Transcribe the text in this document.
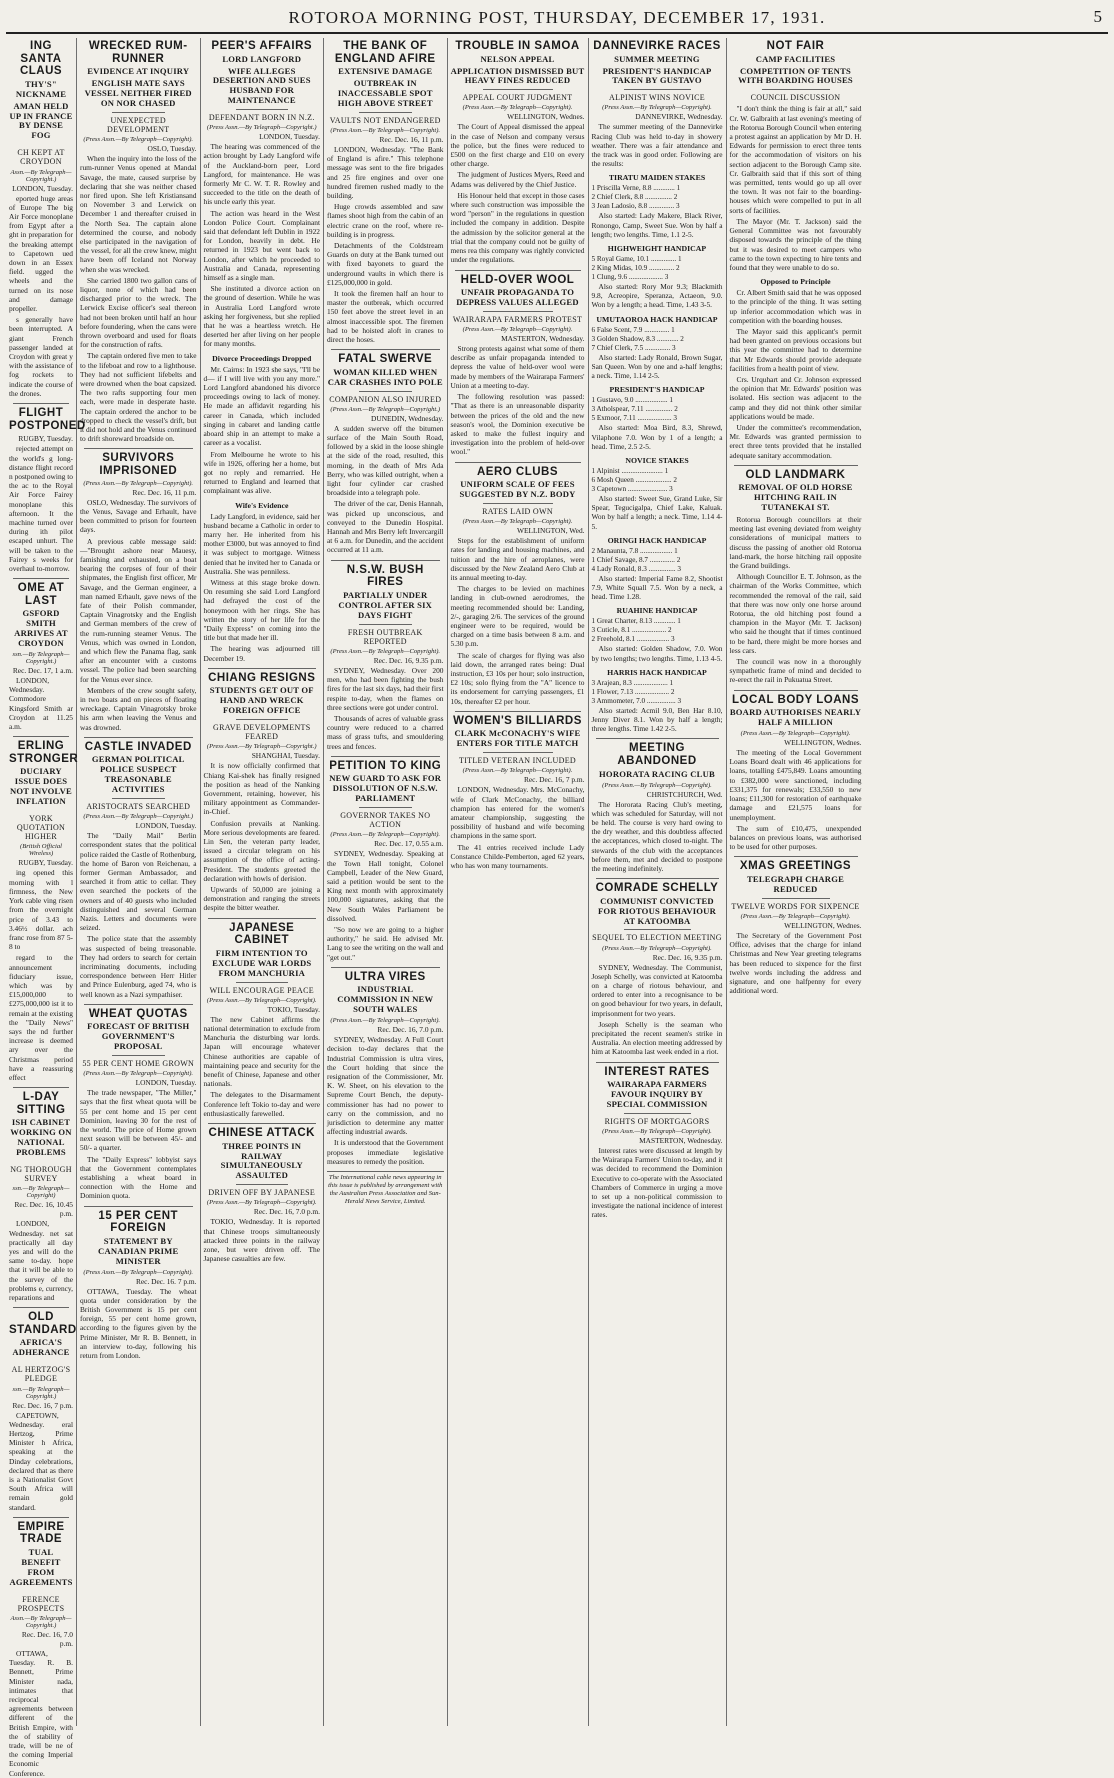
ROTOROA MORNING POST, THURSDAY, DECEMBER 17, 1931.	5
ING SANTA CLAUS
THY'S" NICKNAME
AMAN HELD UP IN FRANCE BY DENSE FOG
CH KEPT AT CROYDON
Assn.—By Telegraph—Copyright.)
LONDON, Tuesday.

eported huge areas of Europe The big Air Force monoplane from Egypt after a ght in preparation for the breaking attempt to Capetown ued down in an Essex field. ugged the wheels and the turned on its nose and damage propeller.

s generally have been interrupted. A giant French passenger landed at Croydon with great y with the assistance of fog rockets to indicate the course of the drones.

FLIGHT POSTPONED
RUGBY, Tuesday.

rejected attempt on the world's g long-distance flight record n postponed owing to the ac to the Royal Air Force Fairey monoplane this afternoon. It the machine turned over during ith pilot escaped unhurt. The will be taken to the Fairey s weeks for overhaul to-morrow.

OME AT LAST
GSFORD SMITH ARRIVES AT CROYDON
ssn.—By Telegraph—Copyright.)
Rec. Dec. 17, 1 a.m.

LONDON, Wednesday. Commodore Kingsford Smith ar Croydon at 11.25 a.m.

ERLING STRONGER
DUCIARY ISSUE DOES NOT INVOLVE INFLATION
YORK QUOTATION HIGHER
(British Official Wireless)
RUGBY, Tuesday.

ing opened this morning with l firmness, the New York cable ving risen from the overnight price of 3.43 to 3.46½ dollar. ach franc rose from 87 5-8 to

regard to the announcement fiduciary issue, which was by £15,000,000 to £275,000,000 ist it to remain at the existing the "Daily News" says the nd further increase is deemed ary over the Christmas period have a reassuring effect

L-DAY SITTING
ISH CABINET WORKING ON NATIONAL PROBLEMS
NG THOROUGH SURVEY
ssn.—By Telegraph—Copyright)
Rec. Dec. 16, 10.45 p.m.

LONDON, Wednesday. net sat practically all day yes and will do the same to-day. hope that it will be able to the survey of the problems e, currency, reparations and

OLD STANDARD
AFRICA'S ADHERANCE
AL HERTZOG'S PLEDGE
ssn.—By Telegraph—Copyright.)
Rec. Dec. 16, 7 p.m.

CAPETOWN, Wednesday. eral Hertzog, Prime Minister h Africa, speaking at the Dinday celebrations, declared that as there is a Nationalist Govt South Africa will remain gold standard.

EMPIRE TRADE
TUAL BENEFIT FROM AGREEMENTS
FERENCE PROSPECTS
Assn.—By Telegraph—Copyright.)
Rec. Dec. 16, 7.0 p.m.

OTTAWA, Tuesday. R. B. Bennett, Prime Minister nada, intimates that reciprocal agreements between different of the British Empire, with the of stability of trade, will be ne of the coming Imperial Economic Conference.

WRECKED RUM-RUNNER
EVIDENCE AT INQUIRY
ENGLISH MATE SAYS VESSEL NEITHER FIRED ON NOR CHASED
UNEXPECTED DEVELOPMENT
(Press Assn.—By Telegraph—Copyright).
OSLO, Tuesday.

When the inquiry into the loss of the rum-runner Venus opened at Mandal Savage, the mate, caused surprise by declaring that she was neither chased nor fired upon. She left Kristiansand on November 3 and Lerwick on December 1 and thereafter cruised in the North Sea. The captain alone determined the course, and nobody else participated in the navigation of the vessel, for all the crew knew, might have been off Iceland not Norway when she was wrecked.

She carried 1800 two gallon cans of liquor, none of which had been discharged prior to the wreck. The Lerwick Excise officer's seal thereon had not been broken until half an hour before foundering, when the cans were thrown overboard and used for floats for the construction of rafts.

The captain ordered five men to take to the lifeboat and row to a lighthouse. They had not sufficient lifebelts and were drowned when the boat capsized. The two rafts supporting four men each, were made in desperate haste. The captain ordered the anchor to be dropped to check the vessel's drift, but it did not hold and the Venus continued to drift shoreward broadside on.

SURVIVORS IMPRISONED
(Press Assn.—By Telegraph—Copyright).
Rec. Dec. 16, 11 p.m.

OSLO, Wednesday. The survivors of the Venus, Savage and Erhault, have been committed to prison for fourteen days.

A previous cable message said:—"Brought ashore near Mauesy, famishing and exhausted, on a boat bearing the corpses of four of their shipmates, the English first officer, Mr Savage, and the German engineer, a man named Erhault, gave news of the fate of their Polish commander, Captain Vinagrotsky and the English and German members of the crew of the rum-running steamer Venus. The Venus, which was owned in London, and which flew the Panama flag, sank after an encounter with a customs vessel. The police had been searching for the Venus ever since.

Members of the crew sought safety, in two boats and on pieces of floating wreckage. Captain Vinagrotsky broke his arm when leaving the Venus and was drowned.

CASTLE INVADED
GERMAN POLITICAL POLICE SUSPECT TREASONABLE ACTIVITIES
ARISTOCRATS SEARCHED
(Press Assn.—By Telegraph—Copyright.)
LONDON, Tuesday.

The "Daily Mail" Berlin correspondent states that the political police raided the Castle of Rothenburg, the home of Baron von Reichenau, a former German Ambassador, and searched it from attic to cellar. They even searched the pockets of the owners and of 40 guests who included distinguished and several German Nazis. Letters and documents were seized.

The police state that the assembly was suspected of being treasonable. They had orders to search for certain incriminating documents, including correspondence between Herr Hitler and Prince Eulenburg, aged 74, who is well known as a Nazi sympathiser.

WHEAT QUOTAS
FORECAST OF BRITISH GOVERNMENT'S PROPOSAL
55 PER CENT HOME GROWN
(Press Assn.—By Telegraph—Copyright).
LONDON, Tuesday.

The trade newspaper, "The Miller," says that the first wheat quota will be 55 per cent home and 15 per cent Dominion, leaving 30 for the rest of the world. The price of Home grown next season will be between 45/- and 50/- a quarter.

The "Daily Express" lobbyist says that the Government contemplates establishing a wheat board in connection with the Home and Dominion quota.

15 PER CENT FOREIGN
STATEMENT BY CANADIAN PRIME MINISTER
(Press Assn.—By Telegraph—Copyright).
Rec. Dec. 16. 7 p.m.

OTTAWA, Tuesday. The wheat quota under consideration by the British Government is 15 per cent foreign, 55 per cent home grown, according to the figures given by the Prime Minister, Mr R. B. Bennett, in an interview to-day, following his return from London.

PEER'S AFFAIRS
LORD LANGFORD
WIFE ALLEGES DESERTION AND SUES HUSBAND FOR MAINTENANCE
DEFENDANT BORN IN N.Z.
(Press Assn.—By Telegraph—Copyright.)
LONDON, Tuesday.

The hearing was commenced of the action brought by Lady Langford wife of the Auckland-born peer, Lord Langford, for maintenance. He was formerly Mr C. W. T. R. Rowley and succeeded to the title on the death of his uncle early this year.

The action was heard in the West London Police Court. Complainant said that defendant left Dublin in 1922 for London, heavily in debt. He returned in 1923 but went back to London, after which he proceeded to Australia and Canada, representing himself as a single man.

She instituted a divorce action on the ground of desertion. While he was in Australia Lord Langford wrote asking her forgiveness, but she replied that he was a heartless wretch. He deserted her after living on her people for many months.

Divorce Proceedings Dropped

Mr. Cairns: In 1923 she says, "I'll be d— if I will live with you any more." Lord Langford abandoned his divorce proceedings owing to lack of money. He made an affidavit regarding his career in Canada, which included singing in cabaret and landing cattle aboard ship in an attempt to make a career as a vocalist.

From Melbourne he wrote to his wife in 1926, offering her a home, but got no reply and remarried. He returned to England and learned that complainant was alive.

Wife's Evidence

Lady Langford, in evidence, said her husband became a Catholic in order to marry her. He inherited from his mother £3000, but was annoyed to find it was subject to mortgage. Witness denied that he invited her to Canada or Australia. She was penniless.

Witness at this stage broke down. On resuming she said Lord Langford had defrayed the cost of the honeymoon with her rings. She has written the story of her life for the "Daily Express" on coming into the title but that made her ill.

The hearing was adjourned till December 19.

CHIANG RESIGNS
STUDENTS GET OUT OF HAND AND WRECK FOREIGN OFFICE
GRAVE DEVELOPMENTS FEARED
(Press Assn.—By Telegraph—Copyright.)
SHANGHAI, Tuesday.

It is now officially confirmed that Chiang Kai-shek has finally resigned the position as head of the Nanking Government, retaining, however, his military appointment as Commander-in-Chief.

Confusion prevails at Nanking. More serious developments are feared. Lin Sen, the veteran party leader, issued a circular telegram on his assumption of the office of acting-President. The students greeted the declaration with howls of derision.

Upwards of 50,000 are joining a demonstration and ranging the streets despite the bitter weather.

JAPANESE CABINET
FIRM INTENTION TO EXCLUDE WAR LORDS FROM MANCHURIA
WILL ENCOURAGE PEACE
(Press Assn.—By Telegraph—Copyright).
TOKIO, Tuesday.

The new Cabinet affirms the national determination to exclude from Manchuria the disturbing war lords. Japan will encourage whatever Chinese authorities are capable of maintaining peace and security for the benefit of Chinese, Japanese and other nationals.

The delegates to the Disarmament Conference left Tokio to-day and were enthusiastically farewelled.

CHINESE ATTACK
THREE POINTS IN RAILWAY SIMULTANEOUSLY ASSAULTED
DRIVEN OFF BY JAPANESE
(Press Assn.—By Telegraph—Copyright).
Rec. Dec. 16, 7.0 p.m.

TOKIO, Wednesday. It is reported that Chinese troops simultaneously attacked three points in the railway zone, but were driven off. The Japanese casualties are few.

THE BANK OF ENGLAND AFIRE
EXTENSIVE DAMAGE
OUTBREAK IN INACCESSABLE SPOT HIGH ABOVE STREET
VAULTS NOT ENDANGERED
(Press Assn.—By Telegraph—Copyright).
Rec. Dec. 16, 11 p.m.

LONDON, Wednesday. "The Bank of England is afire." This telephone message was sent to the fire brigades and 25 fire engines and over one hundred firemen rushed madly to the building.

Huge crowds assembled and saw flames shoot high from the cabin of an electric crane on the roof, where re-building is in progress.

Detachments of the Coldstream Guards on duty at the Bank turned out with fixed bayonets to guard the underground vaults in which there is £125,000,000 in gold.

It took the firemen half an hour to master the outbreak, which occurred 150 feet above the street level in an almost inaccessible spot. The firemen had to be hoisted aloft in cranes to direct the hoses.

FATAL SWERVE
WOMAN KILLED WHEN CAR CRASHES INTO POLE
COMPANION ALSO INJURED
(Press Assn.—By Telegraph—Copyright.)
DUNEDIN, Wednesday.

A sudden swerve off the bitumen surface of the Main South Road, followed by a skid in the loose shingle at the side of the road, resulted, this morning, in the death of Mrs Ada Berry, who was killed outright, when a light four cylinder car crashed broadside into a telegraph pole.

The driver of the car, Denis Hannah, was picked up unconscious, and conveyed to the Dunedin Hospital. Hannah and Mrs Berry left Invercargill at 6 a.m. for Dunedin, and the accident occurred at 11 a.m.

N.S.W. BUSH FIRES
PARTIALLY UNDER CONTROL AFTER SIX DAYS FIGHT
FRESH OUTBREAK REPORTED
(Press Assn.—By Telegraph—Copyright).
Rec. Dec. 16, 9.35 p.m.

SYDNEY, Wednesday. Over 200 men, who had been fighting the bush fires for the last six days, had their first respite to-day, when the flames on three sections were got under control.

Thousands of acres of valuable grass country were reduced to a charred mass of grass tufts, and smouldering trees and fences.

PETITION TO KING
NEW GUARD TO ASK FOR DISSOLUTION OF N.S.W. PARLIAMENT
GOVERNOR TAKES NO ACTION
(Press Assn.—By Telegraph—Copyright).
Rec. Dec. 17, 0.55 a.m.

SYDNEY, Wednesday. Speaking at the Town Hall tonight, Colonel Campbell, Leader of the New Guard, said a petition would be sent to the King next month with approximately 100,000 signatures, asking that the New South Wales Parliament be dissolved.

"So now we are going to a higher authority," he said. He advised Mr. Lang to see the writing on the wall and "get out."

ULTRA VIRES
INDUSTRIAL COMMISSION IN NEW SOUTH WALES
(Press Assn.—By Telegraph—Copyright).
Rec. Dec. 16, 7.0 p.m.

SYDNEY, Wednesday. A Full Court decision to-day declares that the Industrial Commission is ultra vires, the Court holding that since the resignation of the Commissioner, Mr. K. W. Sheet, on his elevation to the Supreme Court Bench, the deputy-commissioner has had no power to carry on the commission, and no jurisdiction to determine any matter affecting industrial awards.

It is understood that the Government proposes immediate legislative measures to remedy the position.

The International cable news appearing in this issue is published by arrangement with the Australian Press Association and Sun-Herald News Service, Limited.
TROUBLE IN SAMOA
NELSON APPEAL
APPLICATION DISMISSED BUT HEAVY FINES REDUCED
APPEAL COURT JUDGMENT
(Press Assn.—By Telegraph—Copyright).
WELLINGTON, Wednes.

The Court of Appeal dismissed the appeal in the case of Nelson and company versus the police, but the fines were reduced to £500 on the first charge and £10 on every other charge.

The judgment of Justices Myers, Reed and Adams was delivered by the Chief Justice.

His Honour held that except in those cases where such construction was impossible the word "person" in the regulations in question included the company in addition. Despite the admission by the solicitor general at the trial that the company could not be guilty of mens rea this company was rightly convicted under the regulations.

HELD-OVER WOOL
UNFAIR PROPAGANDA TO DEPRESS VALUES ALLEGED
WAIRARAPA FARMERS PROTEST
(Press Assn.—By Telegraph—Copyright).
MASTERTON, Wednesday.

Strong protests against what some of them describe as unfair propaganda intended to depress the value of held-over wool were made by members of the Wairarapa Farmers' Union at a meeting to-day.

The following resolution was passed: "That as there is an unreasonable disparity between the prices of the old and the new season's wool, the Dominion executive be asked to make the fullest inquiry and investigation into the problem of held-over wool."

AERO CLUBS
UNIFORM SCALE OF FEES SUGGESTED BY N.Z. BODY
RATES LAID OWN
(Press Assn.—By Telegraph—Copyright).
WELLINGTON, Wed.

Steps for the establishment of uniform rates for landing and housing machines, and tuition and the hire of aeroplanes, were discussed by the New Zealand Aero Club at its annual meeting to-day.

The charges to be levied on machines landing in club-owned aerodromes, the meeting recommended should be: Landing, 2/-, garaging 2/6. The services of the ground engineer were to be required, would be charged on a time basis between 8 a.m. and 5.30 p.m.

The scale of charges for flying was also laid down, the arranged rates being: Dual instruction, £3 10s per hour; solo instruction, £2 10s; solo flying from the "A" licence to its endorsement for carrying passengers, £1 10s, thereafter £2 per hour.

WOMEN'S BILLIARDS
CLARK McCONACHY'S WIFE ENTERS FOR TITLE MATCH
TITLED VETERAN INCLUDED
(Press Assn.—By Telegraph—Copyright).
Rec. Dec. 16, 7 p.m.

LONDON, Wednesday. Mrs. McConachy, wife of Clark McConachy, the billiard champion has entered for the women's amateur championship, suggesting the possibility of husband and wife becoming champions in the same sport.

The 41 entries received include Lady Constance Childe-Pemberton, aged 62 years, who has won many tournaments.

DANNEVIRKE RACES
SUMMER MEETING
PRESIDENT'S HANDICAP TAKEN BY GUSTAVO
ALPINIST WINS NOVICE
(Press Assn.—By Telegraph—Copyright).
DANNEVIRKE, Wednesday.

The summer meeting of the Dannevirke Racing Club was held to-day in showery weather. There was a fair attendance and the track was in good order. Following are the results:

TIRATU MAIDEN STAKES
1 Priscilla Verne, 8.8 ............ 1
2 Chief Clerk, 8.8 ............... 2
3 Jean Ladosio, 8.8 .............. 3

Also started: Lady Makere, Black River, Ronongo, Camp, Sweet Sue. Won by half a length; two lengths. Time, 1.1 2-5.

HIGHWEIGHT HANDICAP
5 Royal Game, 10.1 .............. 1
2 King Midas, 10.9 .............. 2
1 Clung, 9.6 ................... 3

Also started: Rory Mor 9.3; Blackmith 9.8, Acreopire, Speranza, Actaeon, 9.0. Won by a length; a head. Time, 1.43 3-5.

UMUTAOROA HACK HANDICAP
6 False Scent, 7.9 .............. 1
3 Golden Shadow, 8.3 ............ 2
7 Chief Clerk, 7.5 .............. 3

Also started: Lady Ronald, Brown Sugar, San Queen. Won by one and a-half lengths; a neck. Time, 1.14 2-5.

PRESIDENT'S HANDICAP
1 Gustavo, 9.0 .................. 1
3 Atholspear, 7.11 ............... 2
5 Exmoor, 7.11 ................... 3

Also started: Moa Bird, 8.3, Shrewd, Vilaphone 7.0. Won by 1 of a length; a head. Time, 2.5 2-5.

NOVICE STAKES
1 Alpinist ....................... 1
6 Mosh Queen .................... 2
3 Capetown ...................... 3

Also started: Sweet Sue, Grand Luke, Sir Spear, Tegucigalpa, Chief Lake, Kaluak. Won by half a length; a neck. Time, 1.14 4-5.

ORINGI HACK HANDICAP
2 Manaunta, 7.8 .................. 1
1 Chief Savage, 8.7 .............. 2
4 Lady Ronald, 8.3 ............... 3

Also started: Imperial Fame 8.2, Shootist 7.9, White Squall 7.5. Won by a neck, a head. Time 1.28.

RUAHINE HANDICAP
1 Great Charter, 8.13 ............ 1
3 Cuticle, 8.1 ................... 2
2 Freehold, 8.1 .................. 3

Also started: Golden Shadow, 7.0. Won by two lengths; two lengths. Time, 1.13 4-5.

HARRIS HACK HANDICAP
3 Arajean, 8.3 ................... 1
1 Flower, 7.13 ................... 2
3 Ammometer, 7.0 ................ 3

Also started: Acmil 9.0, Ben Har 8.10, Jenny Diver 8.1. Won by half a length; three lengths. Time 1.42 2-5.

MEETING ABANDONED
HORORATA RACING CLUB
(Press Assn.—By Telegraph—Copyright).
CHRISTCHURCH, Wed.

The Hororata Racing Club's meeting, which was scheduled for Saturday, will not be held. The course is very hard owing to the dry weather, and this doubtless affected the acceptances, which closed to-night. The stewards of the club with the acceptances before them, met and decided to postpone the meeting indefinitely.

COMRADE SCHELLY
COMMUNIST CONVICTED FOR RIOTOUS BEHAVIOUR AT KATOOMBA
SEQUEL TO ELECTION MEETING
(Press Assn.—By Telegraph—Copyright).
Rec. Dec. 16, 9.35 p.m.

SYDNEY, Wednesday. The Communist, Joseph Schelly, was convicted at Katoomba on a charge of riotous behaviour, and ordered to enter into a recognisance to be on good behaviour for two years, in default, imprisonment for two years.

Joseph Schelly is the seaman who precipitated the recent seamen's strike in Australia. An election meeting addressed by him at Katoomba last week ended in a riot.

INTEREST RATES
WAIRARAPA FARMERS FAVOUR INQUIRY BY SPECIAL COMMISSION
RIGHTS OF MORTGAGORS
(Press Assn.—By Telegraph—Copyright).
MASTERTON, Wednesday.

Interest rates were discussed at length by the Wairarapa Farmers' Union to-day, and it was decided to recommend the Dominion Executive to co-operate with the Associated Chambers of Commerce in urging a move to set up a non-political commission to investigate the national incidence of interest rates.

NOT FAIR
CAMP FACILITIES
COMPETITION OF TENTS WITH BOARDING HOUSES
COUNCIL DISCUSSION

"I don't think the thing is fair at all," said Cr. W. Galbraith at last evening's meeting of the Rotorua Borough Council when entering a protest against an application by Mr D. H. Edwards for permission to erect three tents for the accommodation of visitors on his section adjacent to the Borough Camp site. Cr. Galbraith said that if this sort of thing was permitted, tents would go up all over the town. It was not fair to the boarding-houses which were compelled to put in all sorts of facilities.

The Mayor (Mr. T. Jackson) said the General Committee was not favourably disposed towards the principle of the thing but it was desired to meet campers who came to the town expecting to hire tents and found that they were unable to do so.

Opposed to Principle

Cr. Albert Smith said that he was opposed to the principle of the thing. It was setting up inferior accommodation which was in competition with the boarding houses.

The Mayor said this applicant's permit had been granted on previous occasions but this year the committee had to determine that Mr Edwards should provide adequate facilities from a health point of view.

Crs. Urquhart and Cr. Johnson expressed the opinion that Mr. Edwards' position was isolated. His section was adjacent to the camp and they did not think other similar applications would be made.

Under the committee's recommendation, Mr. Edwards was granted permission to erect three tents provided that he installed adequate sanitary accommodation.

OLD LANDMARK
REMOVAL OF OLD HORSE HITCHING RAIL IN TUTANEKAI ST.

Rotorua Borough councillors at their meeting last evening deviated from weighty considerations of municipal matters to discuss the passing of another old Rotorua land-mark, the horse hitching rail opposite the Grand buildings.

Although Councillor E. T. Johnson, as the chairman of the Works Committee, which recommended the removal of the rail, said that there was now only one horse around Rotorua, the old hitching post found a champion in the Mayor (Mr. T. Jackson) who said he thought that if times continued to be hard, there might be more horses and less cars.

The council was now in a thoroughly sympathetic frame of mind and decided to re-erect the rail in Pukuatua Street.

LOCAL BODY LOANS
BOARD AUTHORISES NEARLY HALF A MILLION
(Press Assn.—By Telegraph—Copyright).
WELLINGTON, Wednes.

The meeting of the Local Government Loans Board dealt with 46 applications for loans, totalling £475,849. Loans amounting to £382,000 were sanctioned, including £331,375 for renewals; £33,550 to new loans; £11,300 for restoration of earthquake damage and £21,575 loans for unemployment.

The sum of £10,475, unexpended balances on previous loans, was authorised to be used for other purposes.

XMAS GREETINGS
TELEGRAPH CHARGE REDUCED
TWELVE WORDS FOR SIXPENCE
(Press Assn.—By Telegraph—Copyright).
WELLINGTON, Wednes.

The Secretary of the Government Post Office, advises that the charge for inland Christmas and New Year greeting telegrams has been reduced to sixpence for the first twelve words including the address and signature, and one halfpenny for every additional word.
